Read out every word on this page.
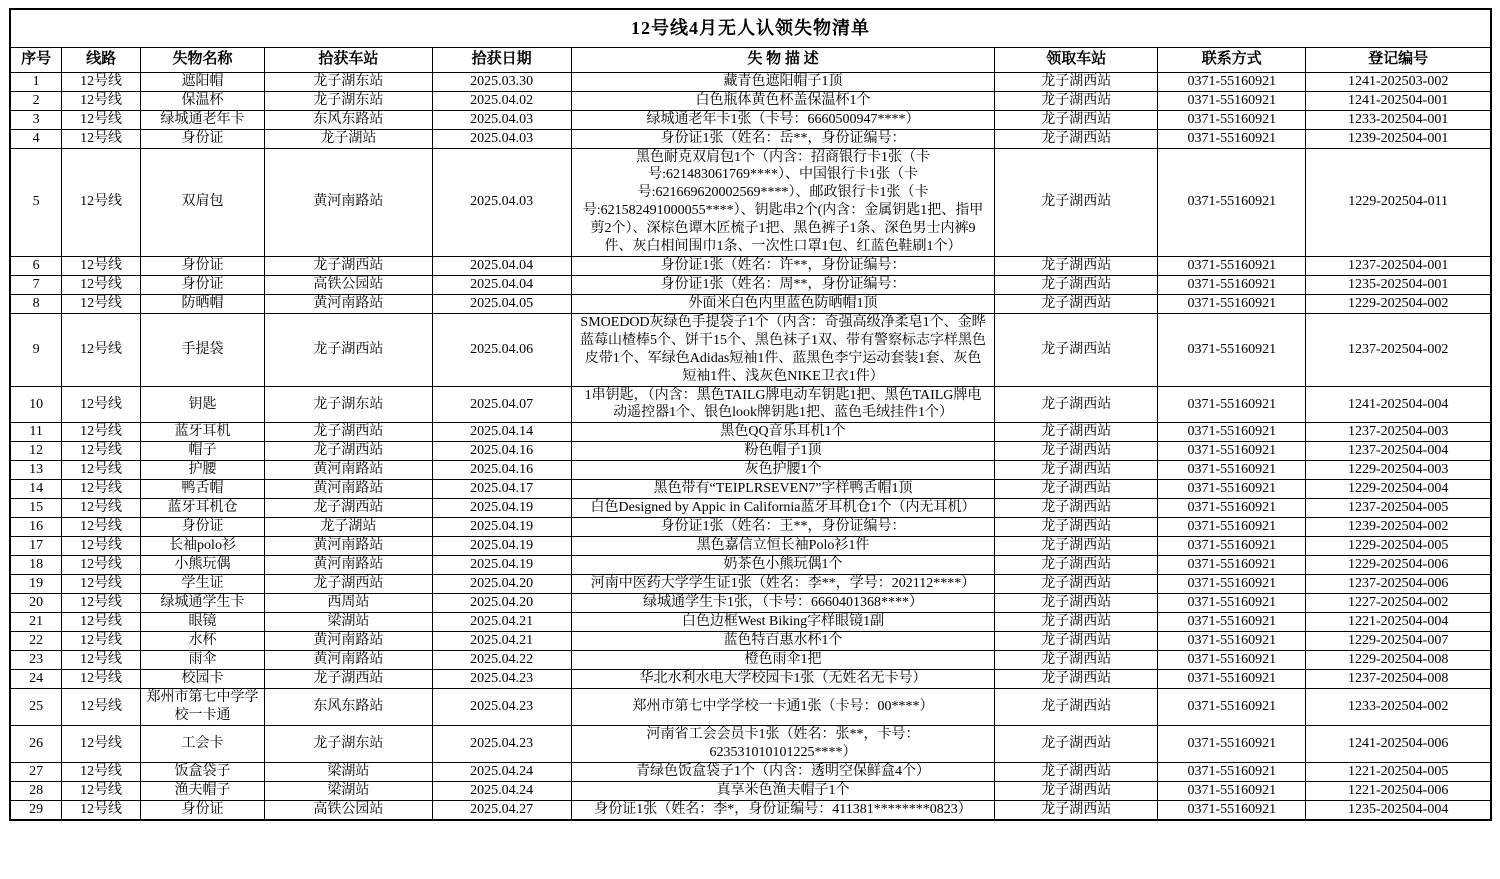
12号线4月无人认领失物清单								
序号	线路	失物名称	拾获车站	拾获日期	失 物 描 述	领取车站	联系方式	登记编号
1	12号线	遮阳帽	龙子湖东站	2025.03.30	藏青色遮阳帽子1顶	龙子湖西站	0371-55160921	1241-202503-002
2	12号线	保温杯	龙子湖东站	2025.04.02	白色瓶体黄色杯盖保温杯1个	龙子湖西站	0371-55160921	1241-202504-001
3	12号线	绿城通老年卡	东风东路站	2025.04.03	绿城通老年卡1张（卡号：6660500947****）	龙子湖西站	0371-55160921	1233-202504-001
4	12号线	身份证	龙子湖站	2025.04.03	身份证1张（姓名：岳**，身份证编号：	龙子湖西站	0371-55160921	1239-202504-001
5	12号线	双肩包	黄河南路站	2025.04.03	黑色耐克双肩包1个（内含：招商银行卡1张（卡号:621483061769****）、中国银行卡1张（卡号:621669620002569****）、邮政银行卡1张（卡号:621582491000055****）、钥匙串2个(内含：金属钥匙1把、指甲剪2个）、深棕色谭木匠梳子1把、黑色裤子1条、深色男士内裤9件、灰白相间围巾1条、一次性口罩1包、红蓝色鞋刷1个）	龙子湖西站	0371-55160921	1229-202504-011
6	12号线	身份证	龙子湖西站	2025.04.04	身份证1张（姓名：许**，身份证编号：	龙子湖西站	0371-55160921	1237-202504-001
7	12号线	身份证	高铁公园站	2025.04.04	身份证1张（姓名：周**，身份证编号：	龙子湖西站	0371-55160921	1235-202504-001
8	12号线	防晒帽	黄河南路站	2025.04.05	外面米白色内里蓝色防晒帽1顶	龙子湖西站	0371-55160921	1229-202504-002
9	12号线	手提袋	龙子湖西站	2025.04.06	SMOEDOD灰绿色手提袋子1个（内含：奇强高级净柔皂1个、金晔蓝莓山楂棒5个、饼干15个、黑色袜子1双、带有警察标志字样黑色皮带1个、军绿色Adidas短袖1件、蓝黑色李宁运动套装1套、灰色短袖1件、浅灰色NIKE卫衣1件）	龙子湖西站	0371-55160921	1237-202504-002
10	12号线	钥匙	龙子湖东站	2025.04.07	1串钥匙，（内含：黑色TAILG牌电动车钥匙1把、黑色TAILG牌电动遥控器1个、银色look牌钥匙1把、蓝色毛绒挂件1个）	龙子湖西站	0371-55160921	1241-202504-004
11	12号线	蓝牙耳机	龙子湖西站	2025.04.14	黑色QQ音乐耳机1个	龙子湖西站	0371-55160921	1237-202504-003
12	12号线	帽子	龙子湖西站	2025.04.16	粉色帽子1顶	龙子湖西站	0371-55160921	1237-202504-004
13	12号线	护腰	黄河南路站	2025.04.16	灰色护腰1个	龙子湖西站	0371-55160921	1229-202504-003
14	12号线	鸭舌帽	黄河南路站	2025.04.17	黑色带有“TEIPLRSEVEN7”字样鸭舌帽1顶	龙子湖西站	0371-55160921	1229-202504-004
15	12号线	蓝牙耳机仓	龙子湖西站	2025.04.19	白色Designed by Appic in California蓝牙耳机仓1个（内无耳机）	龙子湖西站	0371-55160921	1237-202504-005
16	12号线	身份证	龙子湖站	2025.04.19	身份证1张（姓名：王**，身份证编号：	龙子湖西站	0371-55160921	1239-202504-002
17	12号线	长袖polo衫	黄河南路站	2025.04.19	黑色嘉信立恒长袖Polo衫1件	龙子湖西站	0371-55160921	1229-202504-005
18	12号线	小熊玩偶	黄河南路站	2025.04.19	奶茶色小熊玩偶1个	龙子湖西站	0371-55160921	1229-202504-006
19	12号线	学生证	龙子湖西站	2025.04.20	河南中医药大学学生证1张（姓名：李**，学号：202112****）	龙子湖西站	0371-55160921	1237-202504-006
20	12号线	绿城通学生卡	西周站	2025.04.20	绿城通学生卡1张，（卡号：6660401368****）	龙子湖西站	0371-55160921	1227-202504-002
21	12号线	眼镜	梁湖站	2025.04.21	白色边框West Biking字样眼镜1副	龙子湖西站	0371-55160921	1221-202504-004
22	12号线	水杯	黄河南路站	2025.04.21	蓝色特百惠水杯1个	龙子湖西站	0371-55160921	1229-202504-007
23	12号线	雨伞	黄河南路站	2025.04.22	橙色雨伞1把	龙子湖西站	0371-55160921	1229-202504-008
24	12号线	校园卡	龙子湖西站	2025.04.23	华北水利水电大学校园卡1张（无姓名无卡号）	龙子湖西站	0371-55160921	1237-202504-008
25	12号线	郑州市第七中学学校一卡通	东风东路站	2025.04.23	郑州市第七中学学校一卡通1张（卡号：00****）	龙子湖西站	0371-55160921	1233-202504-002
26	12号线	工会卡	龙子湖东站	2025.04.23	河南省工会会员卡1张（姓名：张**，卡号：623531010101225****）	龙子湖西站	0371-55160921	1241-202504-006
27	12号线	饭盒袋子	梁湖站	2025.04.24	青绿色饭盒袋子1个（内含：透明空保鲜盒4个）	龙子湖西站	0371-55160921	1221-202504-005
28	12号线	渔夫帽子	梁湖站	2025.04.24	真享米色渔夫帽子1个	龙子湖西站	0371-55160921	1221-202504-006
29	12号线	身份证	高铁公园站	2025.04.27	身份证1张（姓名：李*，身份证编号：411381********0823）	龙子湖西站	0371-55160921	1235-202504-004
